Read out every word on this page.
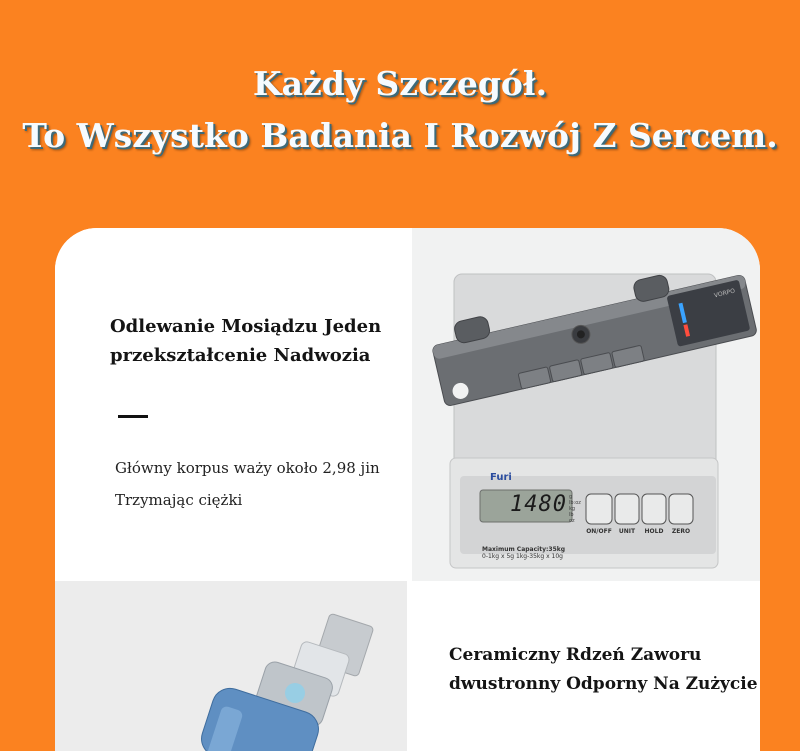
Każdy Szczegół.
To Wszystko Badania I Rozwój Z Sercem.
Odlewanie Mosiądzu Jeden
przekształcenie Nadwozia
Główny korpus waży około 2,98 jin
Trzymając ciężki
VORPO
Furi
1480 g
lb:oz
kg
lb
oz
ON/OFF	UNIT	HOLD	ZERO
Maximum Capacity:35kg
0-1kg x 5g 1kg-35kg x 10g
Ceramiczny Rdzeń Zaworu
dwustronny Odporny Na Zużycie
